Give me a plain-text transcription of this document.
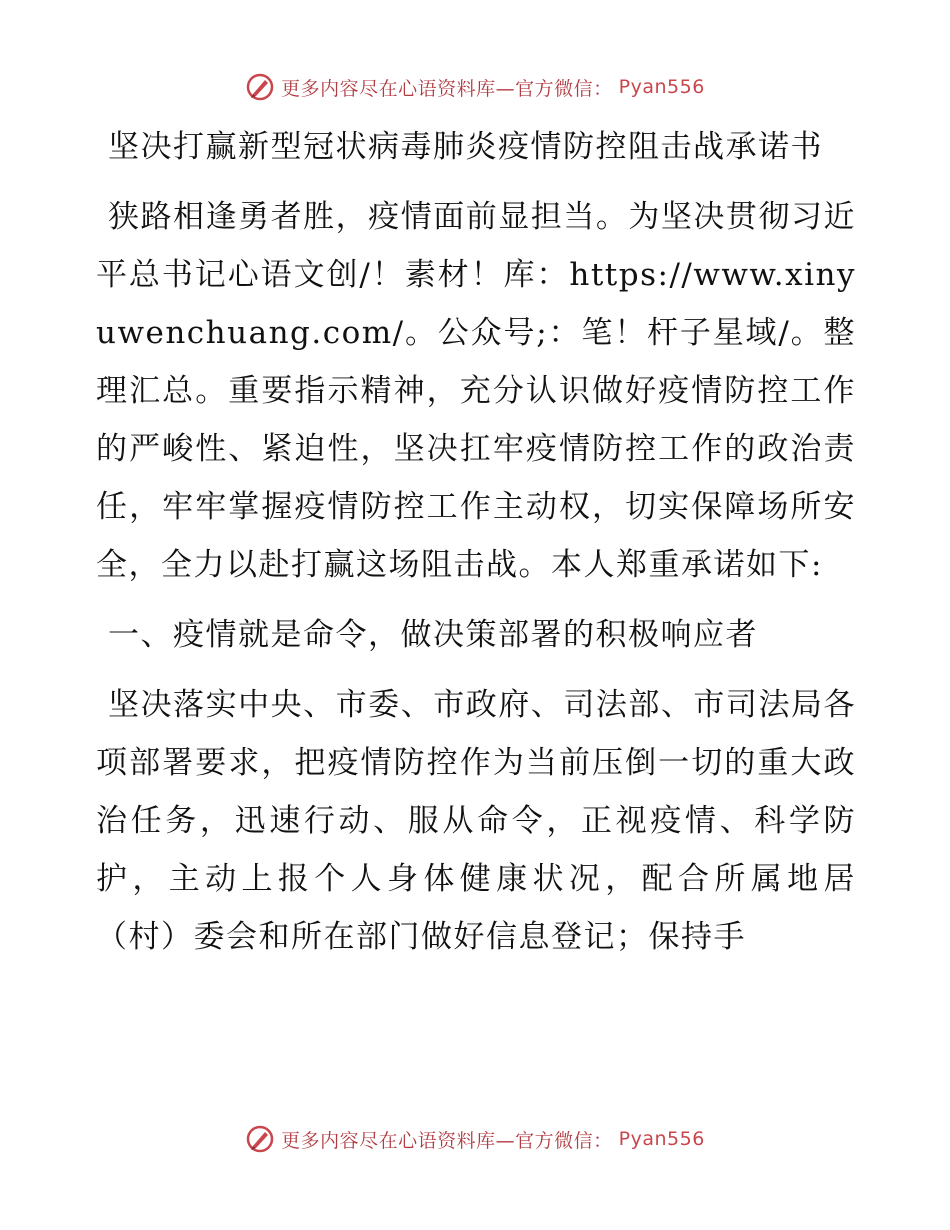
更多内容尽在心语资料库—官方微信： Pyan556

坚决打赢新型冠状病毒肺炎疫情防控阻击战承诺书

狭路相逢勇者胜，疫情面前显担当。为坚决贯彻习近平总书记心语文创/！素材！库：https://www.xinyuwenchuang.com/。公众号;：笔！杆子星域/。整理汇总。重要指示精神，充分认识做好疫情防控工作的严峻性、紧迫性，坚决扛牢疫情防控工作的政治责任，牢牢掌握疫情防控工作主动权，切实保障场所安全，全力以赴打赢这场阻击战。本人郑重承诺如下:

一、疫情就是命令，做决策部署的积极响应者

坚决落实中央、市委、市政府、司法部、市司法局各项部署要求，把疫情防控作为当前压倒一切的重大政治任务，迅速行动、服从命令，正视疫情、科学防护，主动上报个人身体健康状况，配合所属地居（村）委会和所在部门做好信息登记；保持手

更多内容尽在心语资料库—官方微信： Pyan556
